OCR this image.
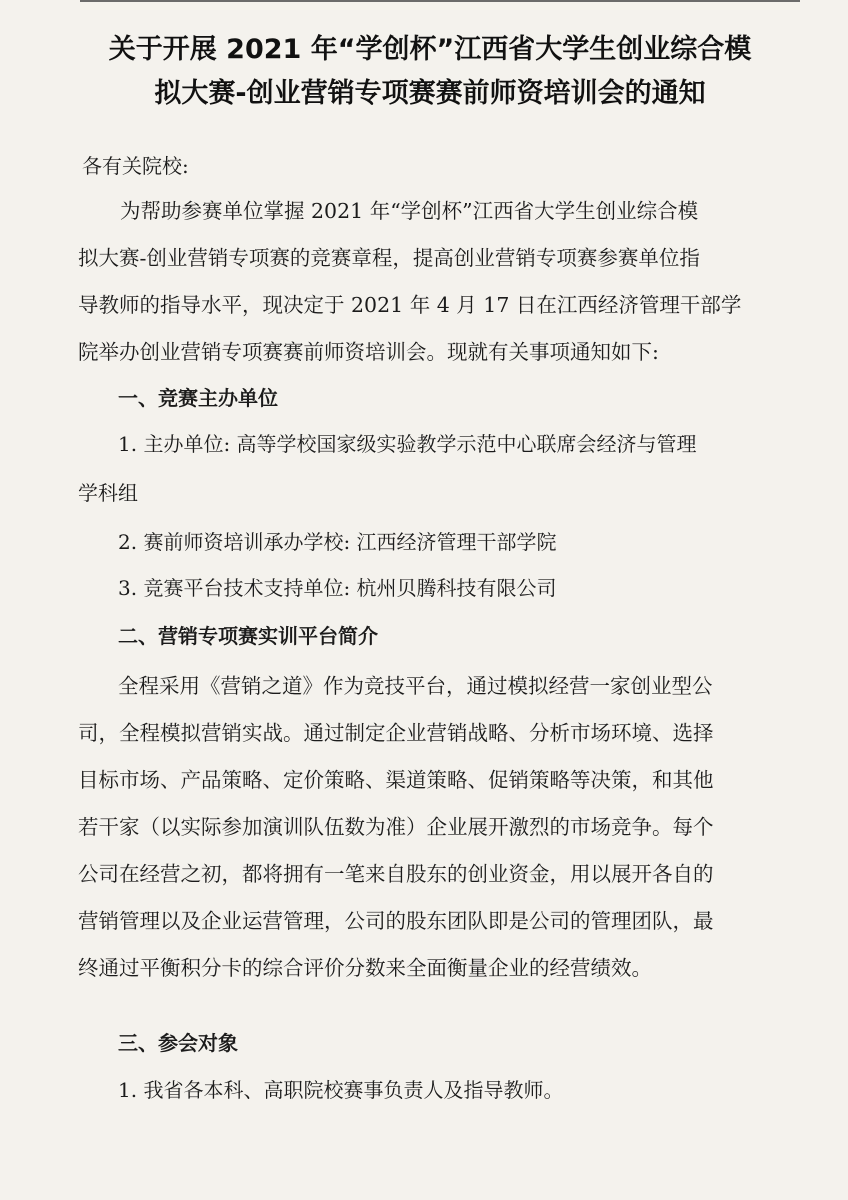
关于开展 2021 年“学创杯”江西省大学生创业综合模
拟大赛-创业营销专项赛赛前师资培训会的通知
各有关院校:
为帮助参赛单位掌握 2021 年“学创杯”江西省大学生创业综合模
拟大赛-创业营销专项赛的竞赛章程，提高创业营销专项赛参赛单位指
导教师的指导水平，现决定于 2021 年 4 月 17 日在江西经济管理干部学
院举办创业营销专项赛赛前师资培训会。现就有关事项通知如下:
一、竞赛主办单位
1. 主办单位: 高等学校国家级实验教学示范中心联席会经济与管理
学科组
2. 赛前师资培训承办学校: 江西经济管理干部学院
3. 竞赛平台技术支持单位: 杭州贝腾科技有限公司
二、营销专项赛实训平台简介
全程采用《营销之道》作为竞技平台，通过模拟经营一家创业型公
司，全程模拟营销实战。通过制定企业营销战略、分析市场环境、选择
目标市场、产品策略、定价策略、渠道策略、促销策略等决策，和其他
若干家（以实际参加演训队伍数为准）企业展开激烈的市场竞争。每个
公司在经营之初，都将拥有一笔来自股东的创业资金，用以展开各自的
营销管理以及企业运营管理，公司的股东团队即是公司的管理团队，最
终通过平衡积分卡的综合评价分数来全面衡量企业的经营绩效。
三、参会对象
1. 我省各本科、高职院校赛事负责人及指导教师。
